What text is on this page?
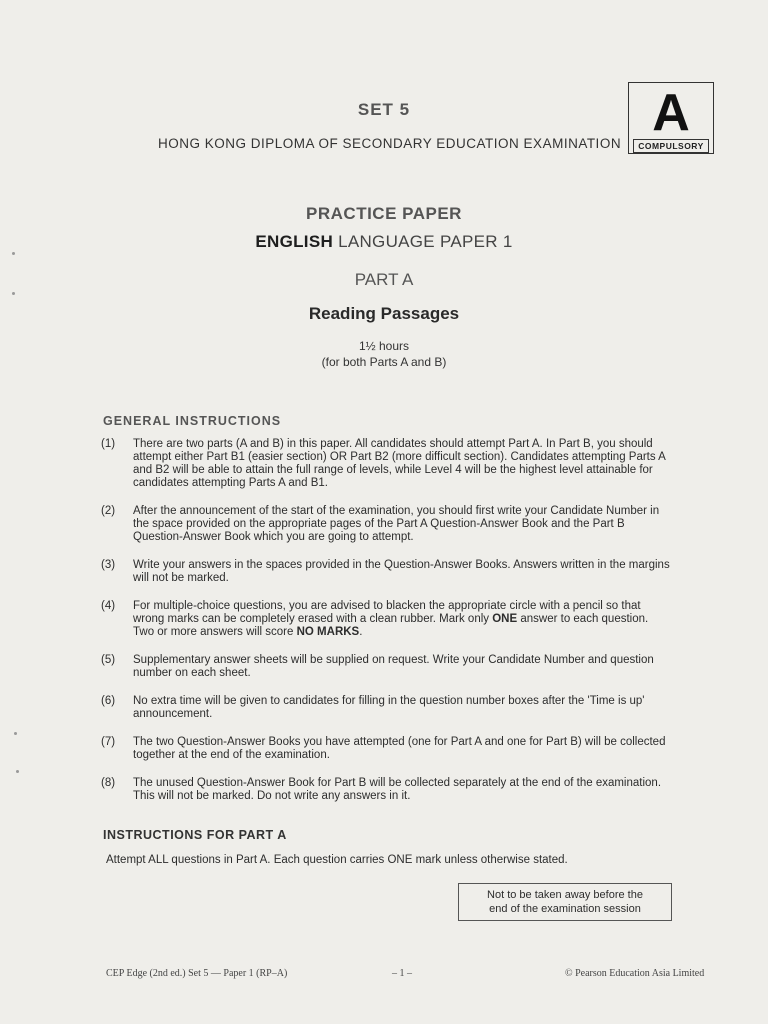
SET 5
HONG KONG DIPLOMA OF SECONDARY EDUCATION EXAMINATION
A
COMPULSORY
PRACTICE PAPER
ENGLISH LANGUAGE PAPER 1
PART A
Reading Passages
1½ hours
(for both Parts A and B)
GENERAL INSTRUCTIONS
(1) There are two parts (A and B) in this paper. All candidates should attempt Part A. In Part B, you should attempt either Part B1 (easier section) OR Part B2 (more difficult section). Candidates attempting Parts A and B2 will be able to attain the full range of levels, while Level 4 will be the highest level attainable for candidates attempting Parts A and B1.
(2) After the announcement of the start of the examination, you should first write your Candidate Number in the space provided on the appropriate pages of the Part A Question-Answer Book and the Part B Question-Answer Book which you are going to attempt.
(3) Write your answers in the spaces provided in the Question-Answer Books. Answers written in the margins will not be marked.
(4) For multiple-choice questions, you are advised to blacken the appropriate circle with a pencil so that wrong marks can be completely erased with a clean rubber. Mark only ONE answer to each question. Two or more answers will score NO MARKS.
(5) Supplementary answer sheets will be supplied on request. Write your Candidate Number and question number on each sheet.
(6) No extra time will be given to candidates for filling in the question number boxes after the 'Time is up' announcement.
(7) The two Question-Answer Books you have attempted (one for Part A and one for Part B) will be collected together at the end of the examination.
(8) The unused Question-Answer Book for Part B will be collected separately at the end of the examination. This will not be marked. Do not write any answers in it.
INSTRUCTIONS FOR PART A
Attempt ALL questions in Part A. Each question carries ONE mark unless otherwise stated.
Not to be taken away before the
end of the examination session
CEP Edge (2nd ed.) Set 5 — Paper 1 (RP–A)	– 1 –	© Pearson Education Asia Limited
